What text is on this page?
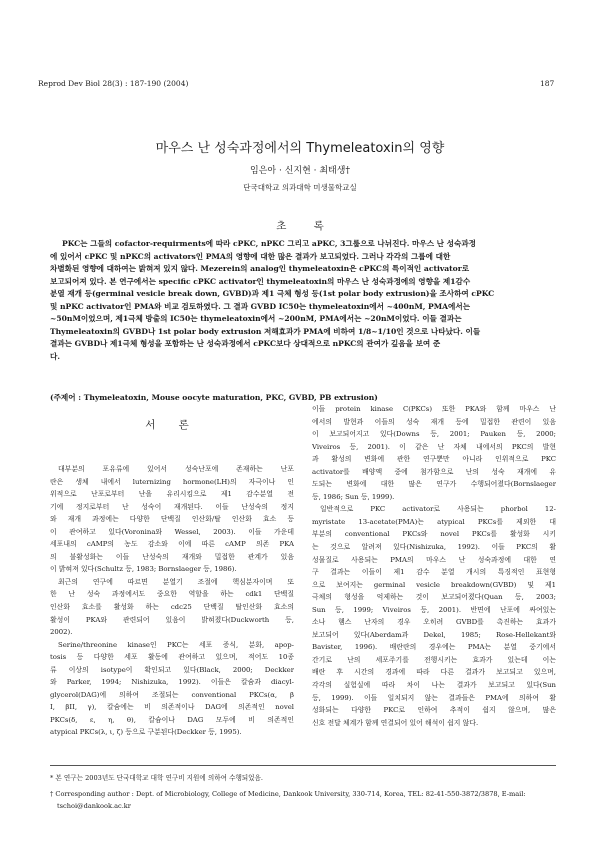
Reprod Dev Biol 28(3) : 187-190 (2004)	187
마우스 난 성숙과정에서의 Thymeleatoxin의 영향
임은아 · 신지현 · 최태생†
단국대학교 의과대학 미생물학교실
초 록
PKC는 그들의 cofactor-requirments에 따라 cPKC, nPKC 그리고 aPKC, 3그룹으로 나뉘진다. 마우스 난 성숙과정
에 있어서 cPKC 및 nPKC의 activators인 PMA의 영향에 대한 많은 결과가 보고되었다. 그러나 각각의 그룹에 대한
차별화된 영향에 대하여는 밝혀져 있지 않다. Mezerein의 analog인 thymeleatoxin은 cPKC의 특이적인 activator로
보고되어져 있다. 본 연구에서는 specific cPKC activator인 thymeleatoxin의 마우스 난 성숙과정에의 영향을 제1감수
분열 재개 등(germinal vesicle break down, GVBD)과 제1 극체 형성 등(1st polar body extrusion)을 조사하여 cPKC
및 nPKC activator인 PMA와 비교 검토하였다. 그 결과 GVBD IC50는 thymeleatoxin에서 ~400nM, PMA에서는
~50nM이었으며, 제1극체 방출의 IC50는 thymeleatoxin에서 ~200nM, PMA에서는 ~20nM이었다. 이들 결과는
Thymeleatoxin의 GVBD나 1st polar body extrusion 저해효과가 PMA에 비하여 1/8~1/10인 것으로 나타났다. 이들
결과는 GVBD나 제1극체 형성을 포함하는 난 성숙과정에서 cPKC보다 상대적으로 nPKC의 관여가 깊음을 보여 준
다.
(주제어 : Thymeleatoxin, Mouse oocyte maturation, PKC, GVBD, PB extrusion)
서 론
대부분의 포유류에 있어서 성숙난포에 존재하는 난포
란은 생체 내에서 luternizing hormone(LH)의 자극이나 인
위적으로 난포로부터 난을 유리시킴으로 제1 감수분열 전
기에 정지로부터 난 성숙이 재개된다. 이들 난성숙의 정지
와 재개 과정에는 다양한 단백질 인산화/탈 인산화 효소 등
이 관여하고 있다(Voronina와 Wessel, 2003). 이들 가운데
세포내의 cAMP의 농도 감소와 이에 따른 cAMP 의존 PKA
의 불활성화는 이들 난성숙의 재개와 밀접한 관계가 있음
이 밝혀져 있다(Schultz 등, 1983; Bornslaeger 등, 1986).
최근의 연구에 따르면 분열기 조절에 핵심분자이며 또
한 난 성숙 과정에서도 중요한 역할을 하는 cdk1 단백질
인산화 효소를 활성화 하는 cdc25 단백질 탈인산화 효소의
활성이 PKA와 관련되어 있음이 밝혀졌다(Duckworth 등,
2002).
Serine/threonine kinase인 PKC는 세포 증식, 분화, apop-
tosis 등 다양한 세포 활동에 관여하고 있으며, 적어도 10종
류 이상의 isotype이 확인되고 있다(Black, 2000; Deckker
와 Parker, 1994; Nishizuka, 1992). 이들은 칼슘과 diacyl-
glycerol(DAG)에 의하여 조절되는 conventional PKCs(α, β
I, βII, γ), 칼슘에는 비 의존적이나 DAG에 의존적인 novel
PKCs(δ, ε, η, θ), 칼슘이나 DAG 모두에 비 의존적인
atypical PKCs(λ, ι, ζ) 등으로 구분된다(Deckker 등, 1995).
이들 protein kinase C(PKCs) 또한 PKA와 함께 마우스 난
에서의 발현과 이들의 성숙 재개 등에 밀접한 관련이 있음
이 보고되어지고 있다(Downs 등, 2001; Pauken 등, 2000;
Viveiros 등, 2001). 이 같은 난 자체 내에서의 PKC의 발현
과 활성의 변화에 관한 연구뿐만 아니라 인위적으로 PKC
activator를 배양액 중에 첨가함으로 난의 성숙 재개에 유
도되는 변화에 대한 많은 연구가 수행되어졌다(Bornslaeger
등, 1986; Sun 등, 1999).
일반적으로 PKC activator로 사용되는 phorbol 12-
myristate 13-acetate(PMA)는 atypical PKCs를 제외한 대
부분의 conventional PKCs와 novel PKCs를 활성화 시키
는 것으로 알려져 있다(Nishizuka, 1992). 이들 PKC의 활
성물질로 사용되는 PMA의 마우스 난 성숙과정에 대한 연
구 결과는 이들이 제1 감수 분열 개시의 특징적인 표현형
으로 보여지는 germinal vesicle breakdown(GVBD) 및 제1
극체의 형성을 억제하는 것이 보고되어졌다(Quan 등, 2003;
Sun 등, 1999; Viveiros 등, 2001). 반면에 난포에 싸여있는
소나 햄스 난자의 경우 오히려 GVBD를 촉진하는 효과가
보고되어 있다(Aberdam과 Dekel, 1985; Rose-Hellekant와
Bavister, 1996). 배란란의 경우에는 PMA는 분열 중기에서
간기로 난의 세포주기를 전행시키는 효과가 있는데 이는
배란 후 시간의 경과에 따라 다른 결과가 보고되고 있으며,
각각의 실험실에 따라 차이 나는 결과가 보고되고 있다(Sun
등, 1999). 이들 일치되지 않는 결과들은 PMA에 의하여 활
성화되는 다양한 PKC로 인하여 추적이 쉽지 않으며, 많은
신호 전달 체계가 함께 연결되어 있어 해석이 쉽지 않다.
* 본 연구는 2003년도 단국대학교 대학 연구비 지원에 의하여 수행되었음.
† Corresponding author : Dept. of Microbiology, College of Medicine, Dankook University, 330-714, Korea, TEL: 82-41-550-3872/3878, E-mail:
tschoi@dankook.ac.kr
